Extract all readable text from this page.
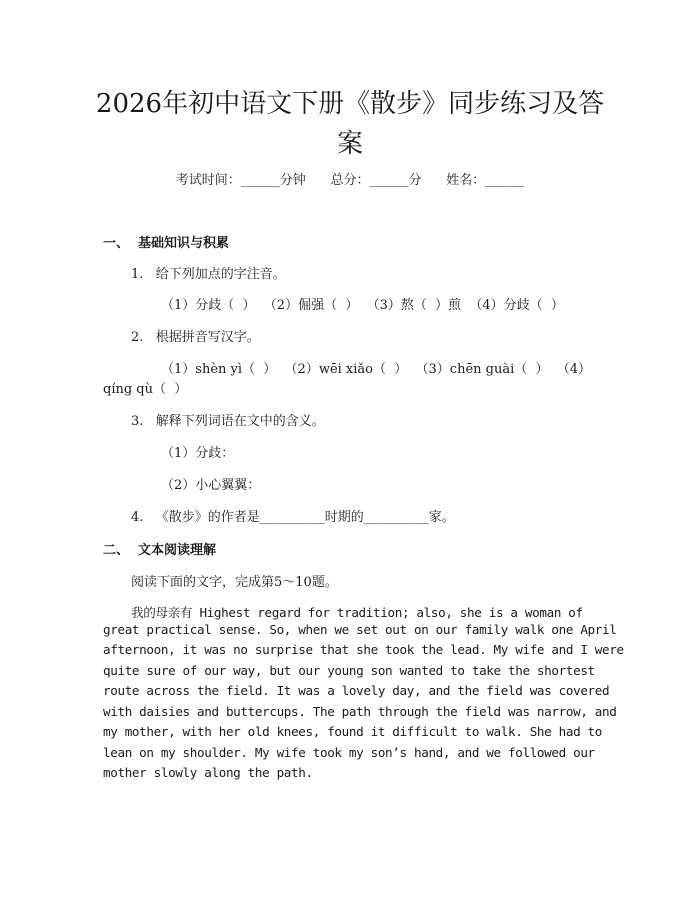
2026年初中语文下册《散步》同步练习及答案
考试时间：______分钟      总分：______分      姓名：______
一、  基础知识与积累
1.   给下列加点的字注音。
（1）分歧（  ）  （2）倔强（  ）  （3）熬（  ）煎  （4）分歧（  ）
2.   根据拼音写汉字。
（1）shèn yì（  ）  （2）wēi xiǎo（  ）  （3）chēn guài（  ）  （4）
qíng qù（  ）
3.   解释下列词语在文中的含义。
（1）分歧：
（2）小心翼翼：
4.   《散步》的作者是__________时期的__________家。
二、  文本阅读理解
阅读下面的文字，完成第5～10题。
我的母亲有 Highest regard for tradition; also, she is a woman of
great practical sense. So, when we set out on our family walk one April
afternoon, it was no surprise that she took the lead. My wife and I were
quite sure of our way, but our young son wanted to take the shortest
route across the field. It was a lovely day, and the field was covered
with daisies and buttercups. The path through the field was narrow, and
my mother, with her old knees, found it difficult to walk. She had to
lean on my shoulder. My wife took my son’s hand, and we followed our
mother slowly along the path.
